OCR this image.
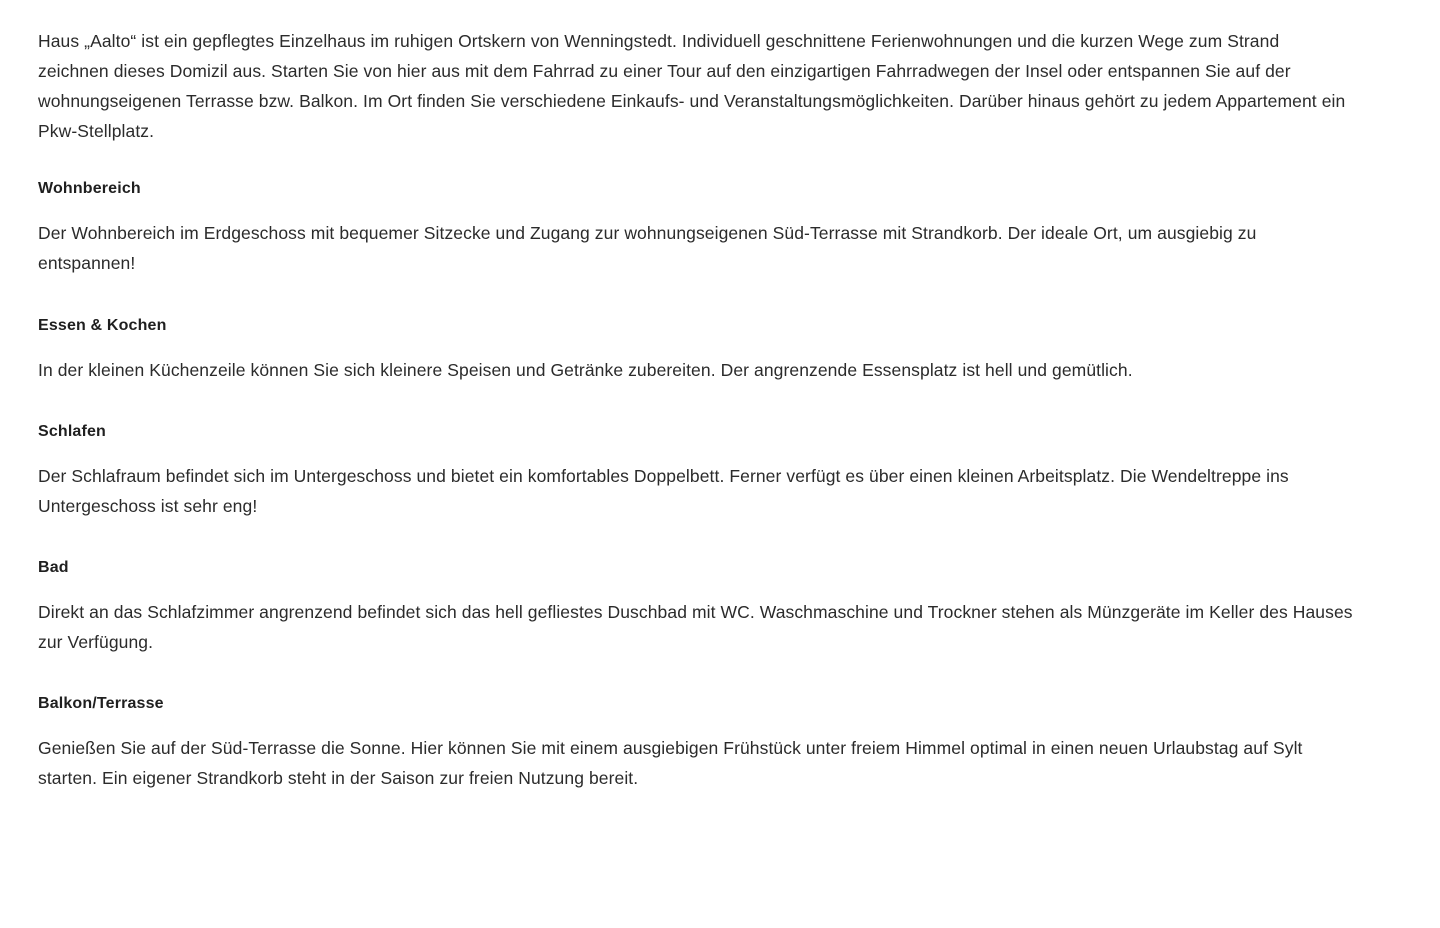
Haus „Aalto“ ist ein gepflegtes Einzelhaus im ruhigen Ortskern von Wenningstedt. Individuell geschnittene Ferienwohnungen und die kurzen Wege zum Strand zeichnen dieses Domizil aus. Starten Sie von hier aus mit dem Fahrrad zu einer Tour auf den einzigartigen Fahrradwegen der Insel oder entspannen Sie auf der wohnungseigenen Terrasse bzw. Balkon. Im Ort finden Sie verschiedene Einkaufs- und Veranstaltungsmöglichkeiten. Darüber hinaus gehört zu jedem Appartement ein Pkw-Stellplatz.

Wohnbereich

Der Wohnbereich im Erdgeschoss mit bequemer Sitzecke und Zugang zur wohnungseigenen Süd-Terrasse mit Strandkorb. Der ideale Ort, um ausgiebig zu entspannen!

Essen & Kochen

In der kleinen Küchenzeile können Sie sich kleinere Speisen und Getränke zubereiten. Der angrenzende Essensplatz ist hell und gemütlich.

Schlafen

Der Schlafraum befindet sich im Untergeschoss und bietet ein komfortables Doppelbett. Ferner verfügt es über einen kleinen Arbeitsplatz. Die Wendeltreppe ins Untergeschoss ist sehr eng!

Bad

Direkt an das Schlafzimmer angrenzend befindet sich das hell gefliestes Duschbad mit WC. Waschmaschine und Trockner stehen als Münzgeräte im Keller des Hauses zur Verfügung.

Balkon/Terrasse

Genießen Sie auf der Süd-Terrasse die Sonne. Hier können Sie mit einem ausgiebigen Frühstück unter freiem Himmel optimal in einen neuen Urlaubstag auf Sylt starten. Ein eigener Strandkorb steht in der Saison zur freien Nutzung bereit.
